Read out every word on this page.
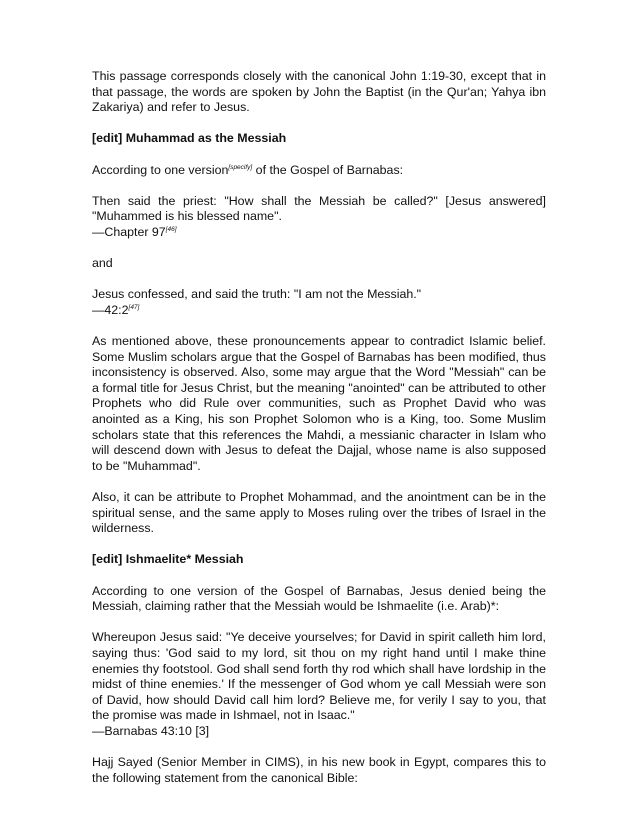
This passage corresponds closely with the canonical John 1:19-30, except that in that passage, the words are spoken by John the Baptist (in the Qur'an; Yahya ibn Zakariya) and refer to Jesus.

[edit] Muhammad as the Messiah

According to one version[specify] of the Gospel of Barnabas:

Then said the priest: "How shall the Messiah be called?" [Jesus answered] "Muhammed is his blessed name".

—Chapter 97[46]

and

Jesus confessed, and said the truth: "I am not the Messiah."

—42:2[47]

As mentioned above, these pronouncements appear to contradict Islamic belief. Some Muslim scholars argue that the Gospel of Barnabas has been modified, thus inconsistency is observed. Also, some may argue that the Word "Messiah" can be a formal title for Jesus Christ, but the meaning "anointed" can be attributed to other Prophets who did Rule over communities, such as Prophet David who was anointed as a King, his son Prophet Solomon who is a King, too. Some Muslim scholars state that this references the Mahdi, a messianic character in Islam who will descend down with Jesus to defeat the Dajjal, whose name is also supposed to be "Muhammad".

Also, it can be attribute to Prophet Mohammad, and the anointment can be in the spiritual sense, and the same apply to Moses ruling over the tribes of Israel in the wilderness.

[edit] Ishmaelite* Messiah

According to one version of the Gospel of Barnabas, Jesus denied being the Messiah, claiming rather that the Messiah would be Ishmaelite (i.e. Arab)*:

Whereupon Jesus said: "Ye deceive yourselves; for David in spirit calleth him lord, saying thus: 'God said to my lord, sit thou on my right hand until I make thine enemies thy footstool. God shall send forth thy rod which shall have lordship in the midst of thine enemies.' If the messenger of God whom ye call Messiah were son of David, how should David call him lord? Believe me, for verily I say to you, that the promise was made in Ishmael, not in Isaac."

—Barnabas 43:10 [3]

Hajj Sayed (Senior Member in CIMS), in his new book in Egypt, compares this to the following statement from the canonical Bible:
